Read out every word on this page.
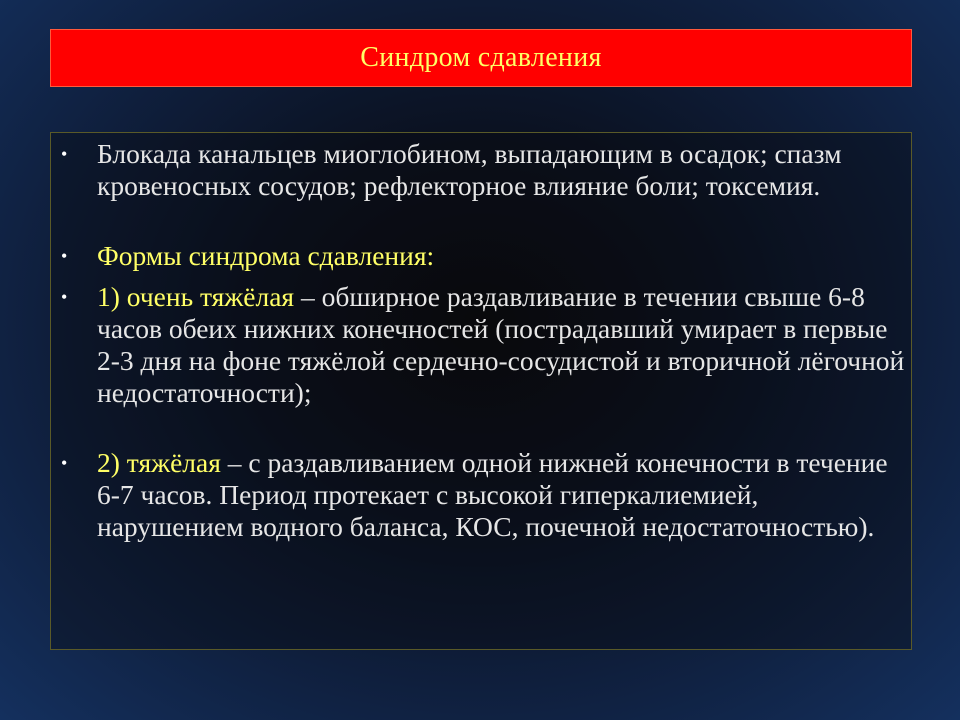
Синдром сдавления
• Блокада канальцев миоглобином, выпадающим в осадок; спазм кровеносных сосудов; рефлекторное влияние боли; токсемия.
• Формы синдрома сдавления:
• 1) очень тяжёлая – обширное раздавливание в течении свыше 6-8 часов обеих нижних конечностей (пострадавший умирает в первые 2-3 дня на фоне тяжёлой сердечно-сосудистой и вторичной лёгочной недостаточности);
• 2) тяжёлая – с раздавливанием одной нижней конечности в течение 6-7 часов. Период протекает с высокой гиперкалиемией, нарушением водного баланса, КОС, почечной недостаточностью).
